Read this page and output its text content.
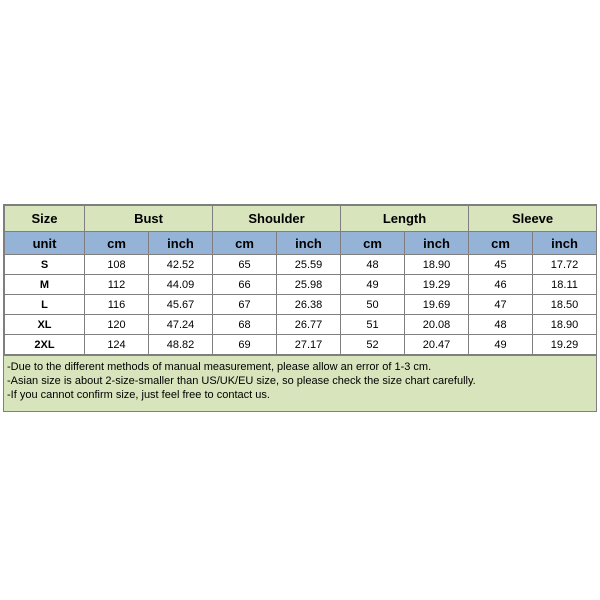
Size	Bust		Shoulder		Length		Sleeve	
unit	cm	inch	cm	inch	cm	inch	cm	inch
S	108	42.52	65	25.59	48	18.90	45	17.72
M	112	44.09	66	25.98	49	19.29	46	18.11
L	116	45.67	67	26.38	50	19.69	47	18.50
XL	120	47.24	68	26.77	51	20.08	48	18.90
2XL	124	48.82	69	27.17	52	20.47	49	19.29
-Due to the different methods of manual measurement, please allow an error of 1-3 cm.
-Asian size is about 2-size-smaller than US/UK/EU size, so please check the size chart carefully.
-If you cannot confirm size, just feel free to contact us.
